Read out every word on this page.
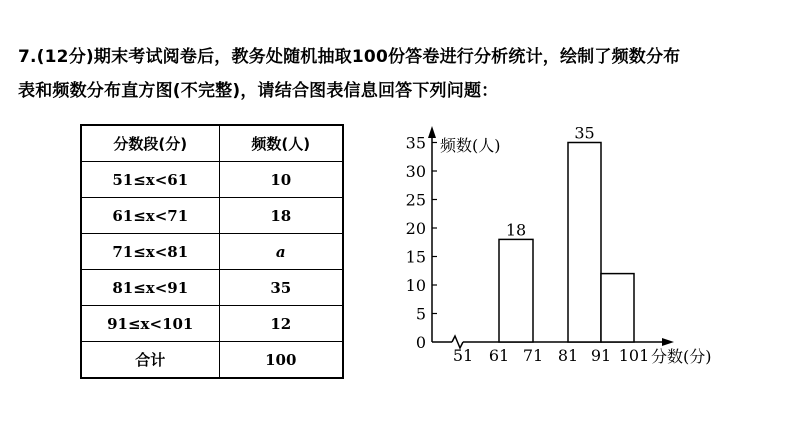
7.(12分)期末考试阅卷后，教务处随机抽取100份答卷进行分析统计，绘制了频数分布
表和频数分布直方图(不完整)，请结合图表信息回答下列问题：
分数段(分)	频数(人)
51≤x<61	10
61≤x<71	18
71≤x<81	a
81≤x<91	35
91≤x<101	12
合计	100
0
5
10
15
20
25
30
35
51 61 71 81 91 101
18
35
频数(人)
分数(分)
